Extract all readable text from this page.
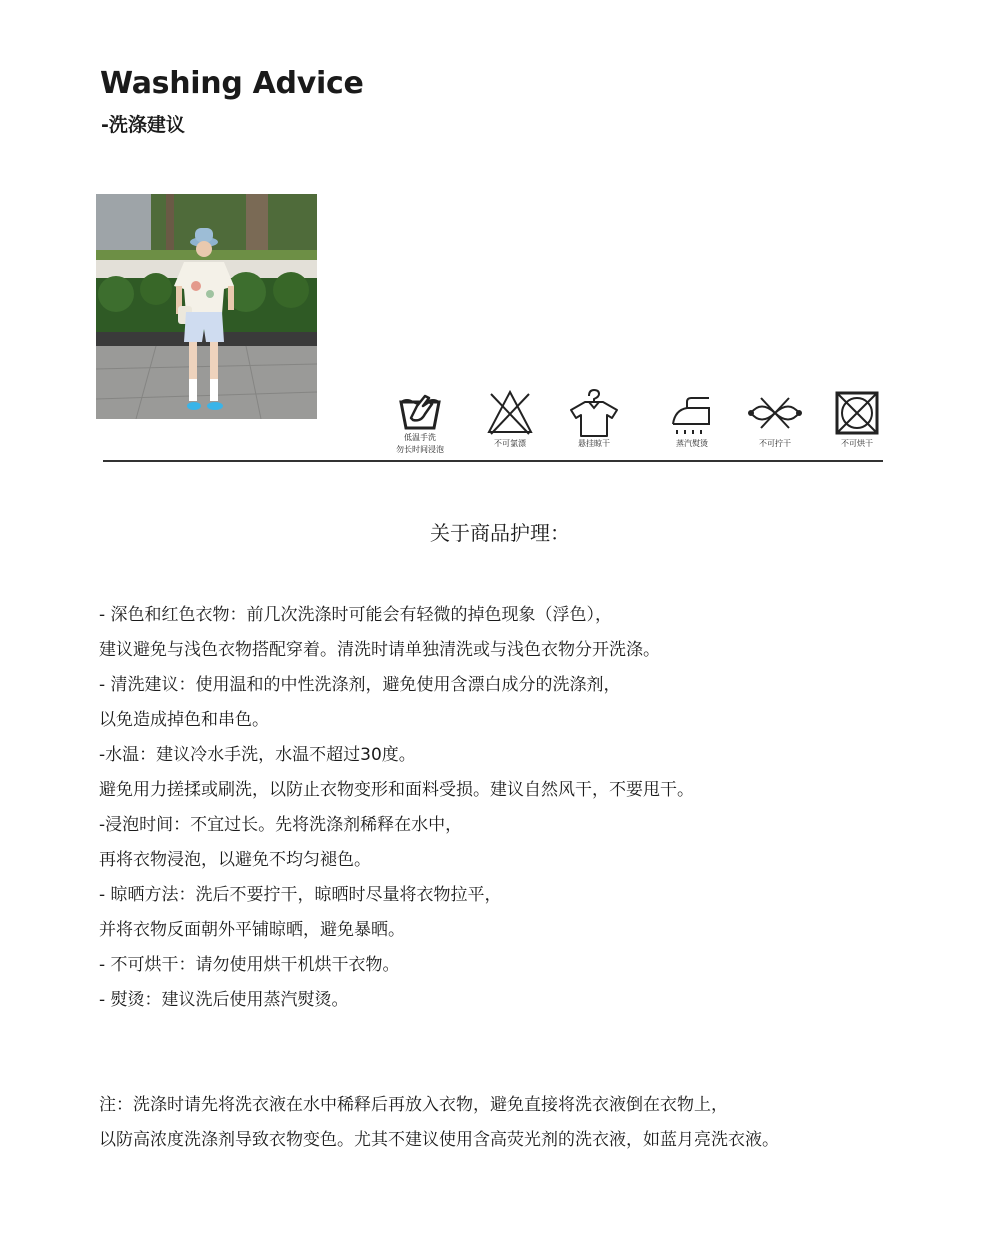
Washing Advice
-洗涤建议
低温手洗
勿长时间浸泡
不可氯漂	悬挂晾干	蒸汽熨烫	不可拧干	不可烘干
关于商品护理：
- 深色和红色衣物：前几次洗涤时可能会有轻微的掉色现象（浮色），
建议避免与浅色衣物搭配穿着。清洗时请单独清洗或与浅色衣物分开洗涤。
- 清洗建议：使用温和的中性洗涤剂，避免使用含漂白成分的洗涤剂，
以免造成掉色和串色。
-水温：建议冷水手洗，水温不超过30度。
避免用力搓揉或刷洗，以防止衣物变形和面料受损。建议自然风干，不要甩干。
-浸泡时间：不宜过长。先将洗涤剂稀释在水中，
再将衣物浸泡，以避免不均匀褪色。
- 晾晒方法：洗后不要拧干，晾晒时尽量将衣物拉平，
并将衣物反面朝外平铺晾晒，避免暴晒。
- 不可烘干：请勿使用烘干机烘干衣物。
- 熨烫：建议洗后使用蒸汽熨烫。
注：洗涤时请先将洗衣液在水中稀释后再放入衣物，避免直接将洗衣液倒在衣物上，
以防高浓度洗涤剂导致衣物变色。尤其不建议使用含高荧光剂的洗衣液，如蓝月亮洗衣液。
